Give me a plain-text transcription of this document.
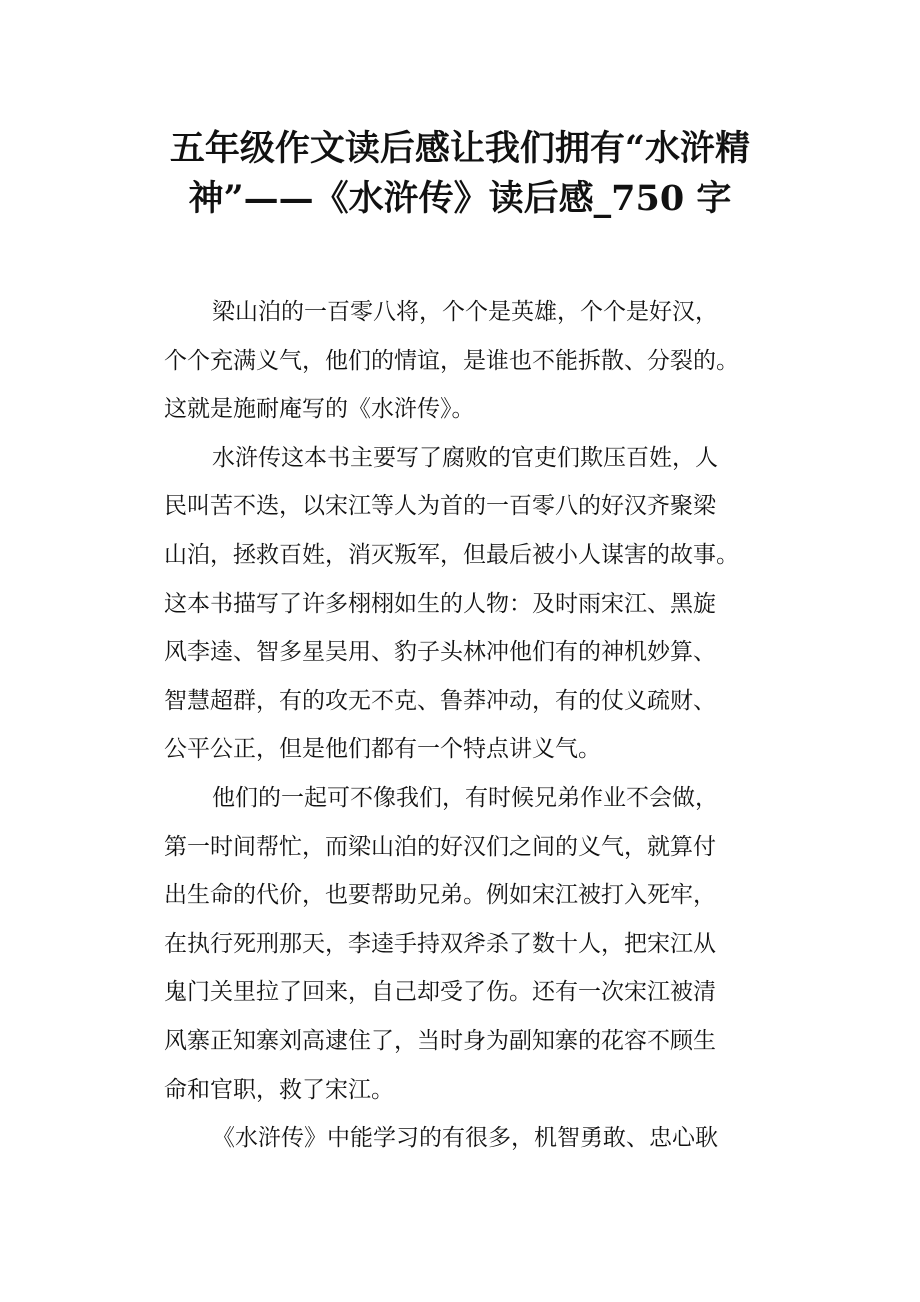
五年级作文读后感让我们拥有“水浒精
神”——《水浒传》读后感_750 字

梁山泊的一百零八将，个个是英雄，个个是好汉，
个个充满义气，他们的情谊，是谁也不能拆散、分裂的。
这就是施耐庵写的《水浒传》。

水浒传这本书主要写了腐败的官吏们欺压百姓，人
民叫苦不迭，以宋江等人为首的一百零八的好汉齐聚梁
山泊，拯救百姓，消灭叛军，但最后被小人谋害的故事。
这本书描写了许多栩栩如生的人物：及时雨宋江、黑旋
风李逵、智多星吴用、豹子头林冲他们有的神机妙算、
智慧超群，有的攻无不克、鲁莽冲动，有的仗义疏财、
公平公正，但是他们都有一个特点讲义气。

他们的一起可不像我们，有时候兄弟作业不会做，
第一时间帮忙，而梁山泊的好汉们之间的义气，就算付
出生命的代价，也要帮助兄弟。例如宋江被打入死牢，
在执行死刑那天，李逵手持双斧杀了数十人，把宋江从
鬼门关里拉了回来，自己却受了伤。还有一次宋江被清
风寨正知寨刘高逮住了，当时身为副知寨的花容不顾生
命和官职，救了宋江。

《水浒传》中能学习的有很多，机智勇敢、忠心耿
